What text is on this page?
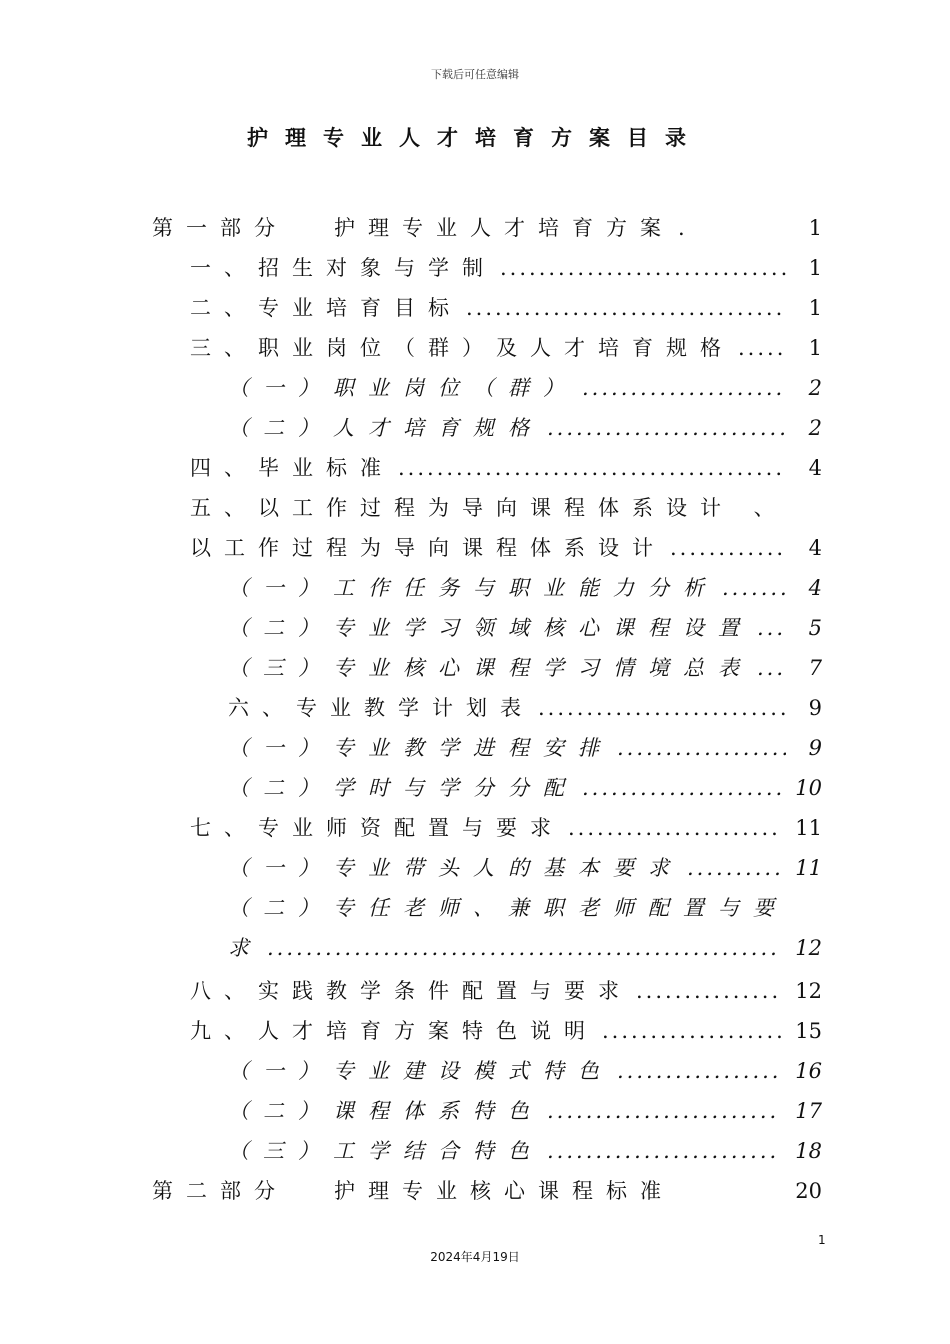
下载后可任意编辑
护理专业人才培育方案目录
第一部分 护理专业人才培育方案 .	1
一、招生对象与学制 .....	1
二、专业培育目标 .....	1
三、职业岗位（群）及人才培育规格 .....	1
（一）职业岗位（群） .....	2
（二）人才培育规格 .....	2
四、毕业标准 .....	4
五、以工作过程为导向课程体系设计 、
以工作过程为导向课程体系设计 .....	4
（一）工作任务与职业能力分析 .....	4
（二）专业学习领域核心课程设置 .....	5
（三）专业核心课程学习情境总表 .....	7
六、专业教学计划表 .....	9
（一）专业教学进程安排 .....	9
（二）学时与学分分配 .....	10
七、专业师资配置与要求 .....	11
（一）专业带头人的基本要求 .....	11
（二）专任老师、兼职老师配置与要
求 .....	12
八、实践教学条件配置与要求 .....	12
九、人才培育方案特色说明 .....	15
（一）专业建设模式特色 .....	16
（二）课程体系特色 .....	17
（三）工学结合特色 .....	18
第二部分 护理专业核心课程标准	20
1
2024年4月19日
